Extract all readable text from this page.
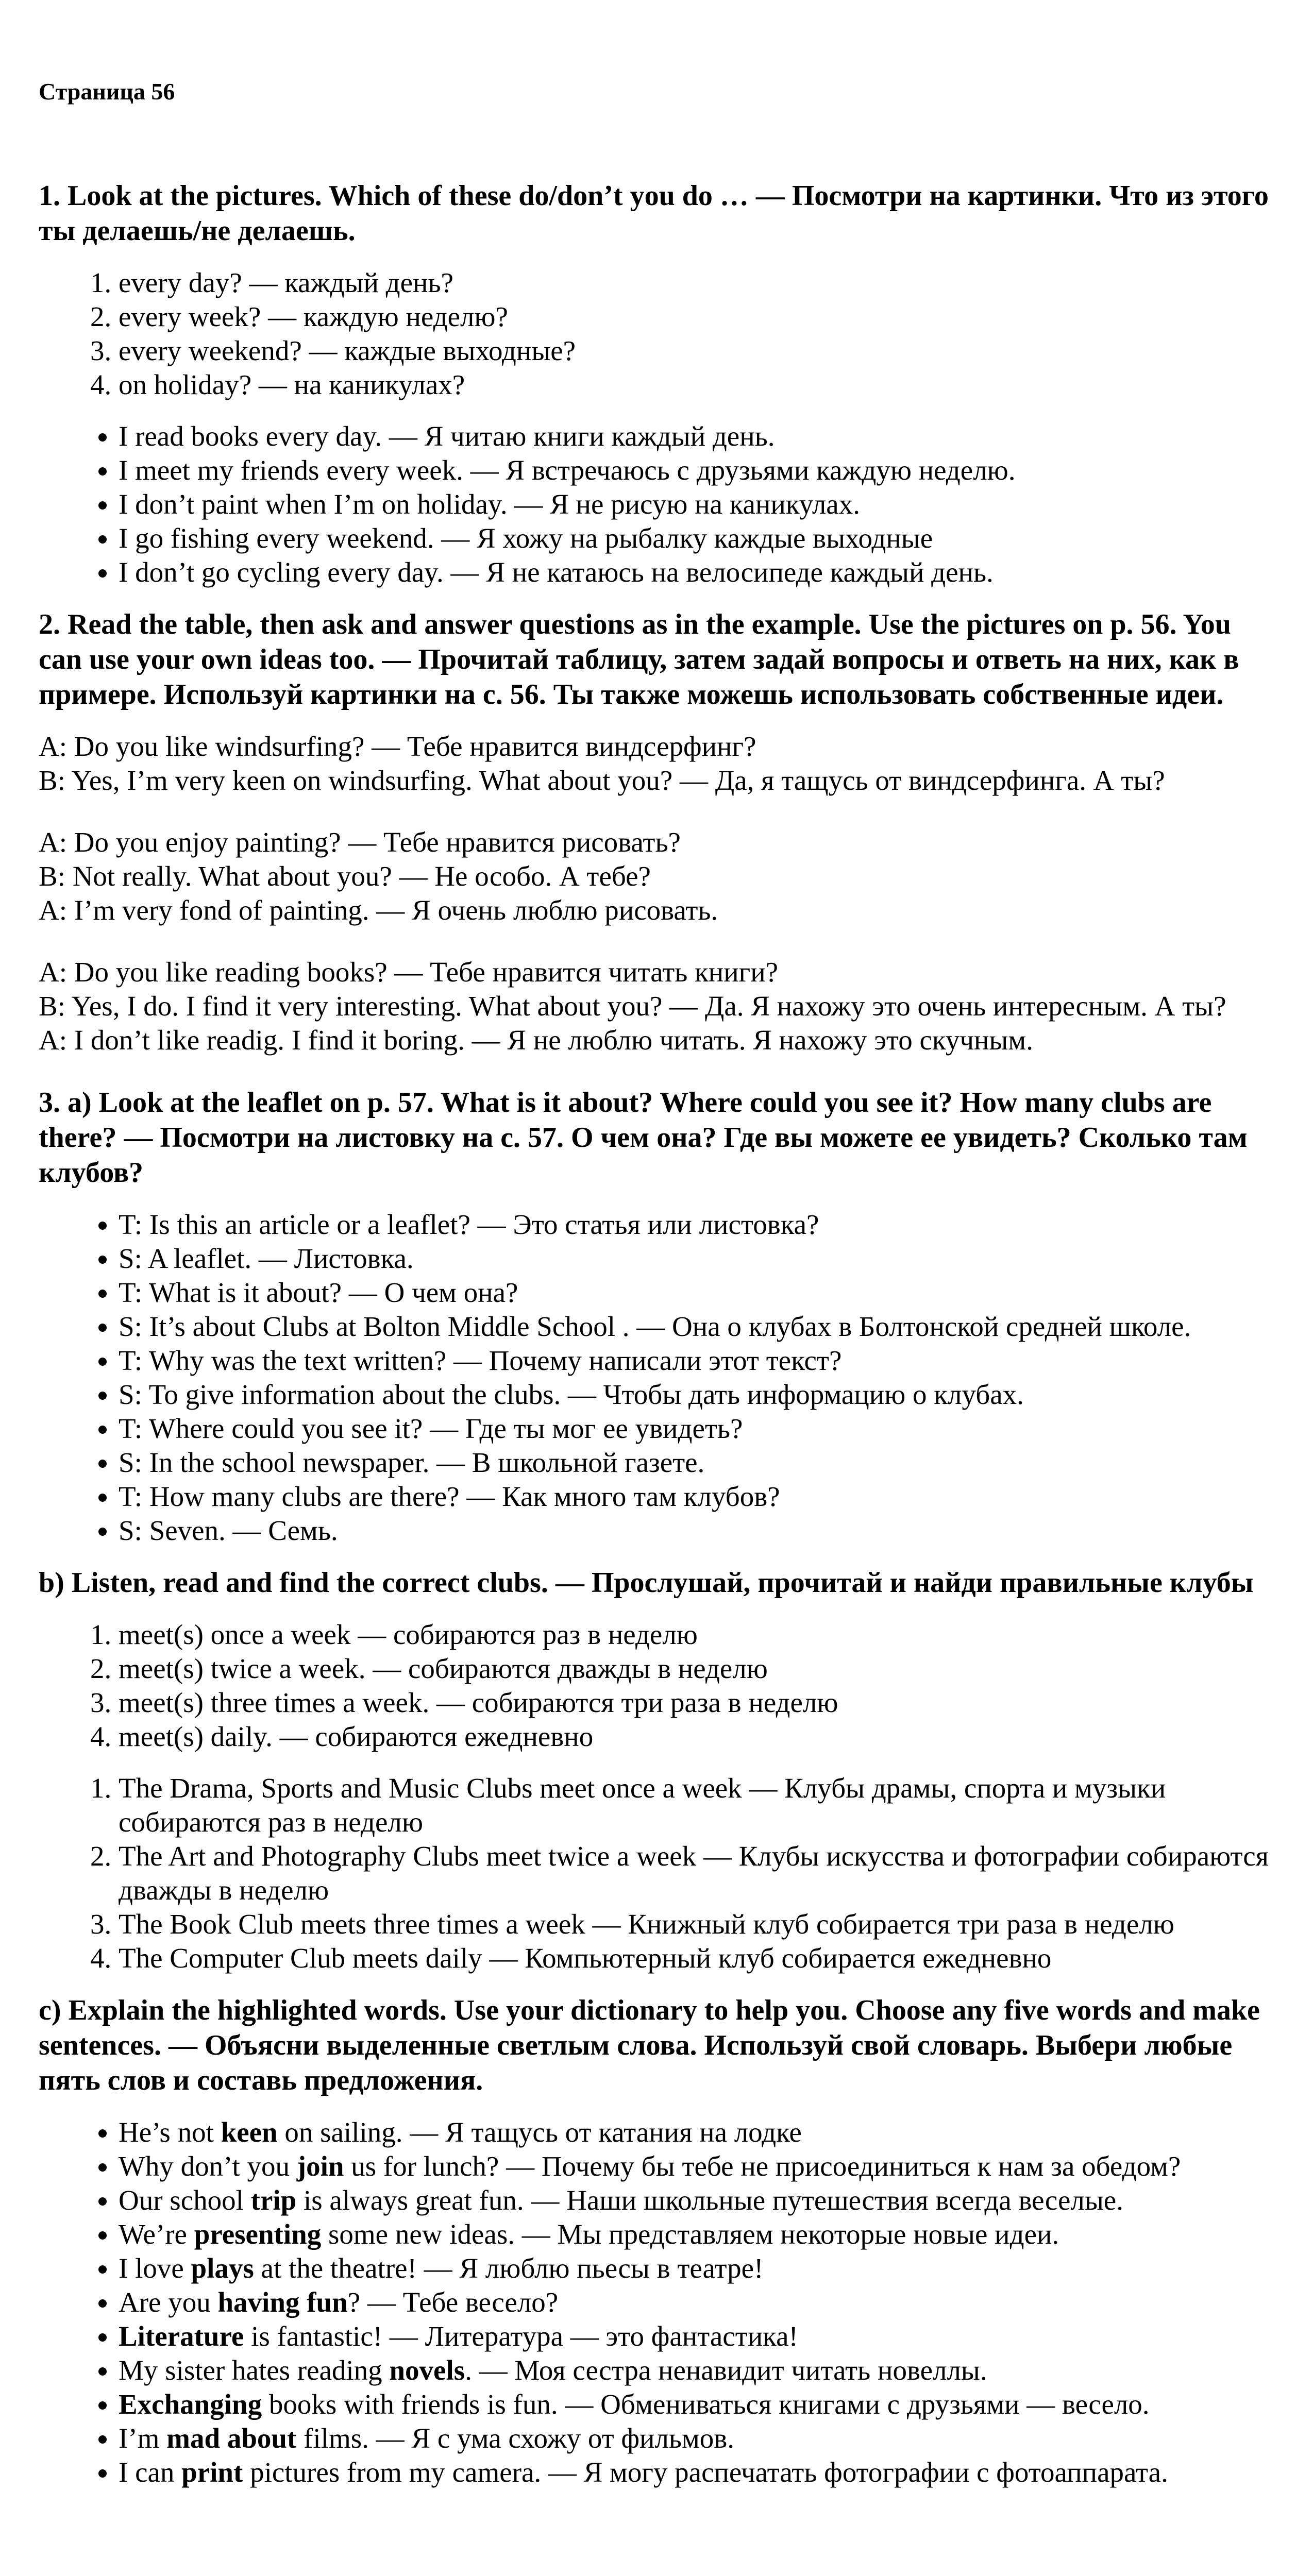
Страница 56
1. Look at the pictures. Which of these do/don’t you do … — Посмотри на картинки. Что из этого ты делаешь/не делаешь.
1. every day? — каждый день?
2. every week? — каждую неделю?
3. every weekend? — каждые выходные?
4. on holiday? — на каникулах?
• I read books every day. — Я читаю книги каждый день.
• I meet my friends every week. — Я встречаюсь с друзьями каждую неделю.
• I don’t paint when I’m on holiday. — Я не рисую на каникулах.
• I go fishing every weekend. — Я хожу на рыбалку каждые выходные
• I don’t go cycling every day. — Я не катаюсь на велосипеде каждый день.
2. Read the table, then ask and answer questions as in the example. Use the pictures on p. 56. You can use your own ideas too. — Прочитай таблицу, затем задай вопросы и ответь на них, как в примере. Используй картинки на с. 56. Ты также можешь использовать собственные идеи.

A: Do you like windsurfing? — Тебе нравится виндсерфинг?

B: Yes, I’m very keen on windsurfing. What about you? — Да, я тащусь от виндсерфинга. А ты?

A: Do you enjoy painting? — Тебе нравится рисовать?

B: Not really. What about you? — Не особо. А тебе?

A: I’m very fond of painting. — Я очень люблю рисовать.

A: Do you like reading books? — Тебе нравится читать книги?

B: Yes, I do. I find it very interesting. What about you? — Да. Я нахожу это очень интересным. А ты?

A: I don’t like readig. I find it boring. — Я не люблю читать. Я нахожу это скучным.

3. a) Look at the leaflet on p. 57. What is it about? Where could you see it? How many clubs are there? — Посмотри на листовку на с. 57. О чем она? Где вы можете ее увидеть? Сколько там клубов?
• T: Is this an article or a leaflet? — Это статья или листовка?
• S: A leaflet. — Листовка.
• T: What is it about? — О чем она?
• S: It’s about Clubs at Bolton Middle School . — Она о клубах в Болтонской средней школе.
• T: Why was the text written? — Почему написали этот текст?
• S: To give information about the clubs. — Чтобы дать информацию о клубах.
• T: Where could you see it? — Где ты мог ее увидеть?
• S: In the school newspaper. — В школьной газете.
• T: How many clubs are there? — Как много там клубов?
• S: Seven. — Семь.
b) Listen, read and find the correct clubs. — Прослушай, прочитай и найди правильные клубы
1. meet(s) once a week — собираются раз в неделю
2. meet(s) twice a week. — собираются дважды в неделю
3. meet(s) three times a week. — собираются три раза в неделю
4. meet(s) daily. — собираются ежедневно
1. The Drama, Sports and Music Clubs meet once a week — Клубы драмы, спорта и музыки собираются раз в неделю
2. The Art and Photography Clubs meet twice a week — Клубы искусства и фотографии собираются дважды в неделю
3. The Book Club meets three times a week — Книжный клуб собирается три раза в неделю
4. The Computer Club meets daily — Компьютерный клуб собирается ежедневно
c) Explain the highlighted words. Use your dictionary to help you. Choose any five words and make sentences. — Объясни выделенные светлым слова. Используй свой словарь. Выбери любые пять слов и составь предложения.
• He’s not keen on sailing. — Я тащусь от катания на лодке
• Why don’t you join us for lunch? — Почему бы тебе не присоединиться к нам за обедом?
• Our school trip is always great fun. — Наши школьные путешествия всегда веселые.
• We’re presenting some new ideas. — Мы представляем некоторые новые идеи.
• I love plays at the theatre! — Я люблю пьесы в театре!
• Are you having fun? — Тебе весело?
• Literature is fantastic! — Литература — это фантастика!
• My sister hates reading novels. — Моя сестра ненавидит читать новеллы.
• Exchanging books with friends is fun. — Обмениваться книгами с друзьями — весело.
• I’m mad about films. — Я с ума схожу от фильмов.
• I can print pictures from my camera. — Я могу распечатать фотографии с фотоаппарата.
